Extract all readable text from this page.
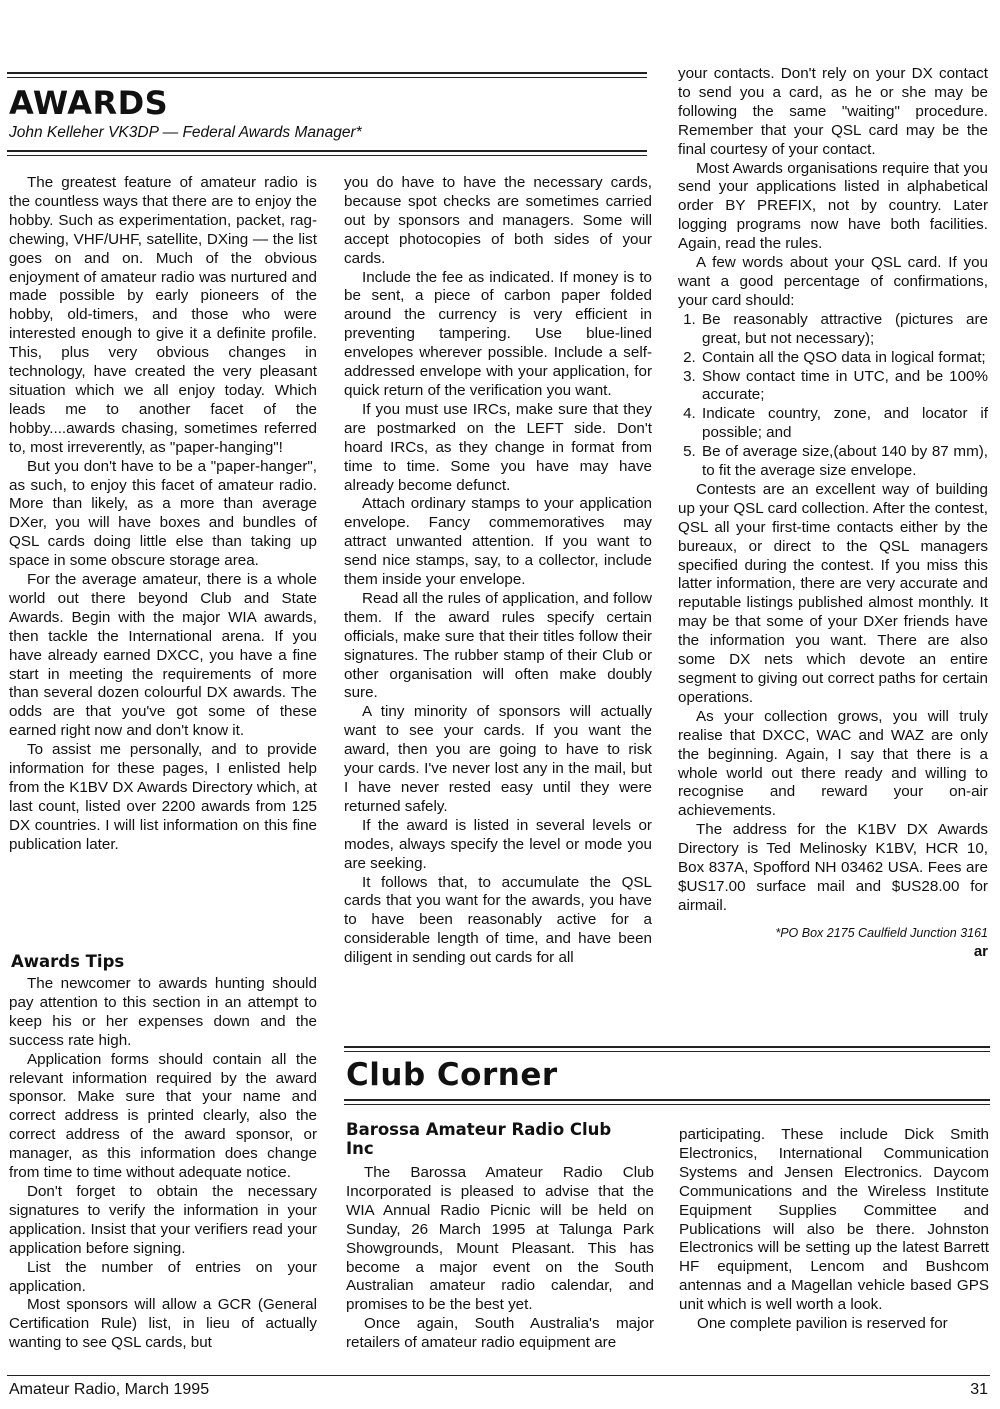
AWARDS
John Kelleher VK3DP — Federal Awards Manager*

The greatest feature of amateur radio is the countless ways that there are to enjoy the hobby. Such as experimentation, packet, rag-chewing, VHF/UHF, satellite, DXing — the list goes on and on. Much of the obvious enjoyment of amateur radio was nurtured and made possible by early pioneers of the hobby, old-timers, and those who were interested enough to give it a definite profile. This, plus very obvious changes in technology, have created the very pleasant situation which we all enjoy today. Which leads me to another facet of the hobby....awards chasing, sometimes referred to, most irreverently, as "paper-hanging"!

But you don't have to be a "paper-hanger", as such, to enjoy this facet of amateur radio. More than likely, as a more than average DXer, you will have boxes and bundles of QSL cards doing little else than taking up space in some obscure storage area.

For the average amateur, there is a whole world out there beyond Club and State Awards. Begin with the major WIA awards, then tackle the International arena. If you have already earned DXCC, you have a fine start in meeting the requirements of more than several dozen colourful DX awards. The odds are that you've got some of these earned right now and don't know it.

To assist me personally, and to provide information for these pages, I enlisted help from the K1BV DX Awards Directory which, at last count, listed over 2200 awards from 125 DX countries. I will list information on this fine publication later.

Awards Tips

The newcomer to awards hunting should pay attention to this section in an attempt to keep his or her expenses down and the success rate high.

Application forms should contain all the relevant information required by the award sponsor. Make sure that your name and correct address is printed clearly, also the correct address of the award sponsor, or manager, as this information does change from time to time without adequate notice.

Don't forget to obtain the necessary signatures to verify the information in your application. Insist that your verifiers read your application before signing.

List the number of entries on your application.

Most sponsors will allow a GCR (General Certification Rule) list, in lieu of actually wanting to see QSL cards, but

you do have to have the necessary cards, because spot checks are sometimes carried out by sponsors and managers. Some will accept photocopies of both sides of your cards.

Include the fee as indicated. If money is to be sent, a piece of carbon paper folded around the currency is very efficient in preventing tampering. Use blue-lined envelopes wherever possible. Include a self-addressed envelope with your application, for quick return of the verification you want.

If you must use IRCs, make sure that they are postmarked on the LEFT side. Don't hoard IRCs, as they change in format from time to time. Some you have may have already become defunct.

Attach ordinary stamps to your application envelope. Fancy commemoratives may attract unwanted attention. If you want to send nice stamps, say, to a collector, include them inside your envelope.

Read all the rules of application, and follow them. If the award rules specify certain officials, make sure that their titles follow their signatures. The rubber stamp of their Club or other organisation will often make doubly sure.

A tiny minority of sponsors will actually want to see your cards. If you want the award, then you are going to have to risk your cards. I've never lost any in the mail, but I have never rested easy until they were returned safely.

If the award is listed in several levels or modes, always specify the level or mode you are seeking.

It follows that, to accumulate the QSL cards that you want for the awards, you have to have been reasonably active for a considerable length of time, and have been diligent in sending out cards for all

your contacts. Don't rely on your DX contact to send you a card, as he or she may be following the same "waiting" procedure. Remember that your QSL card may be the final courtesy of your contact.

Most Awards organisations require that you send your applications listed in alphabetical order BY PREFIX, not by country. Later logging programs now have both facilities. Again, read the rules.

A few words about your QSL card. If you want a good percentage of confirmations, your card should:

1. Be reasonably attractive (pictures are great, but not necessary);
2. Contain all the QSO data in logical format;
3. Show contact time in UTC, and be 100% accurate;
4. Indicate country, zone, and locator if possible; and
5. Be of average size,(about 140 by 87 mm), to fit the average size envelope.

Contests are an excellent way of building up your QSL card collection. After the contest, QSL all your first-time contacts either by the bureaux, or direct to the QSL managers specified during the contest. If you miss this latter information, there are very accurate and reputable listings published almost monthly. It may be that some of your DXer friends have the information you want. There are also some DX nets which devote an entire segment to giving out correct paths for certain operations.

As your collection grows, you will truly realise that DXCC, WAC and WAZ are only the beginning. Again, I say that there is a whole world out there ready and willing to recognise and reward your on-air achievements.

The address for the K1BV DX Awards Directory is Ted Melinosky K1BV, HCR 10, Box 837A, Spofford NH 03462 USA. Fees are $US17.00 surface mail and $US28.00 for airmail.

*PO Box 2175 Caulfield Junction 3161
ar
Club Corner
Barossa Amateur Radio Club Inc

The Barossa Amateur Radio Club Incorporated is pleased to advise that the WIA Annual Radio Picnic will be held on Sunday, 26 March 1995 at Talunga Park Showgrounds, Mount Pleasant. This has become a major event on the South Australian amateur radio calendar, and promises to be the best yet.

Once again, South Australia's major retailers of amateur radio equipment are

participating. These include Dick Smith Electronics, International Communication Systems and Jensen Electronics. Daycom Communications and the Wireless Institute Equipment Supplies Committee and Publications will also be there. Johnston Electronics will be setting up the latest Barrett HF equipment, Lencom and Bushcom antennas and a Magellan vehicle based GPS unit which is well worth a look.

One complete pavilion is reserved for

Amateur Radio, March 1995	31
